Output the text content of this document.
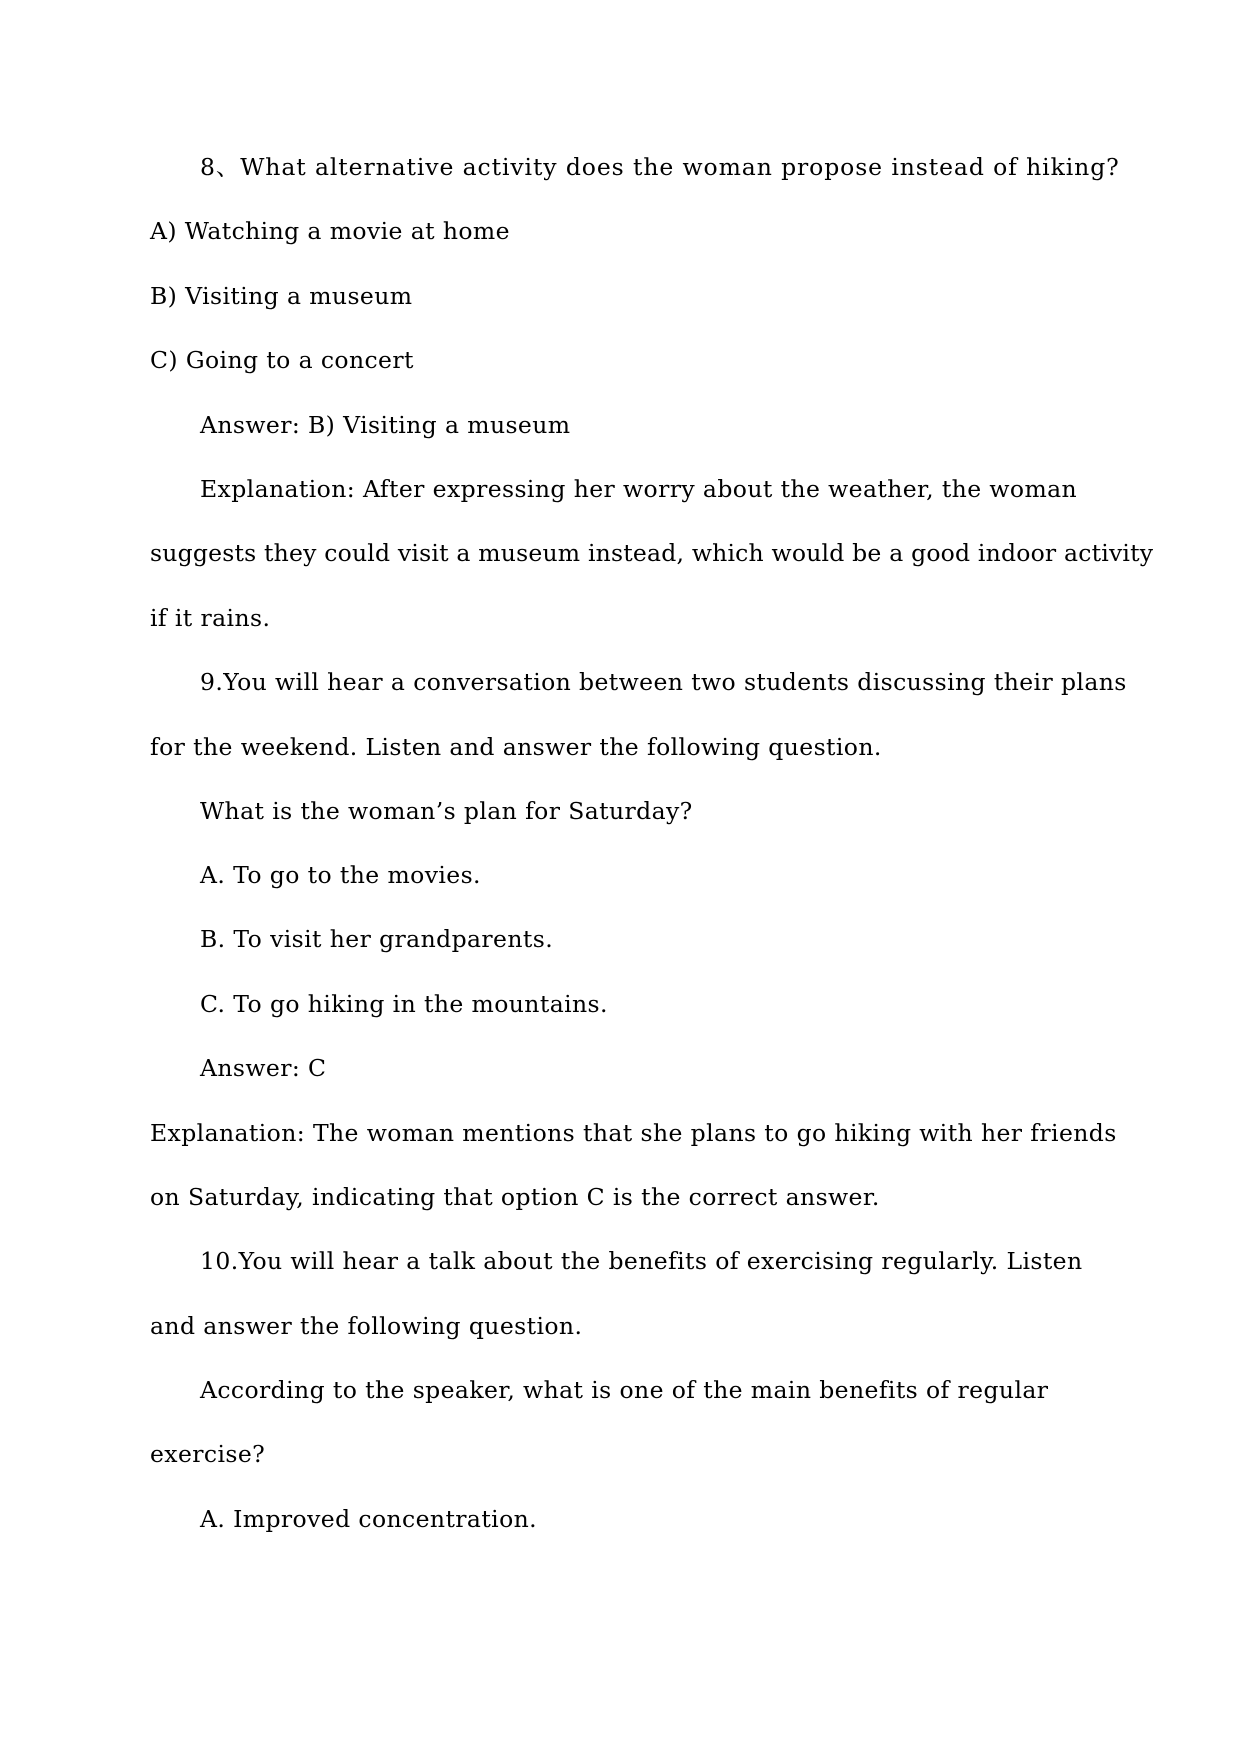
8、What alternative activity does the woman propose instead of hiking?
A) Watching a movie at home
B) Visiting a museum
C) Going to a concert
Answer: B) Visiting a museum
Explanation: After expressing her worry about the weather, the woman
suggests they could visit a museum instead, which would be a good indoor activity
if it rains.
9.You will hear a conversation between two students discussing their plans
for the weekend. Listen and answer the following question.
What is the woman’s plan for Saturday?
A. To go to the movies.
B. To visit her grandparents.
C. To go hiking in the mountains.
Answer: C
Explanation: The woman mentions that she plans to go hiking with her friends
on Saturday, indicating that option C is the correct answer.
10.You will hear a talk about the benefits of exercising regularly. Listen
and answer the following question.
According to the speaker, what is one of the main benefits of regular
exercise?
A. Improved concentration.
